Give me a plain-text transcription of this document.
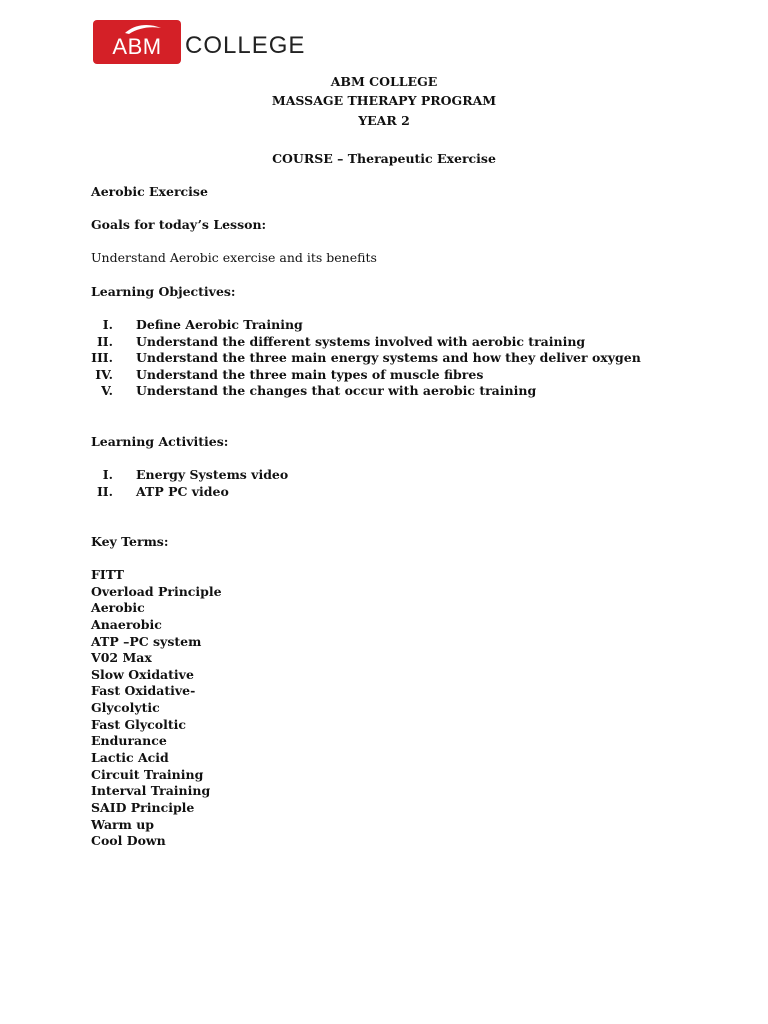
ABM COLLEGE
ABM COLLEGE
MASSAGE THERAPY PROGRAM
YEAR 2
COURSE – Therapeutic Exercise
Aerobic Exercise
Goals for today’s Lesson:
Understand Aerobic exercise and its benefits
Learning Objectives:
I. Define Aerobic Training
II. Understand the different systems involved with aerobic training
III. Understand the three main energy systems and how they deliver oxygen
IV. Understand the three main types of muscle fibres
V. Understand the changes that occur with aerobic training
Learning Activities:
I. Energy Systems video
II. ATP PC video
Key Terms:
FITT
Overload Principle
Aerobic
Anaerobic
ATP –PC system
V02 Max
Slow Oxidative
Fast Oxidative-
Glycolytic
Fast Glycoltic
Endurance
Lactic Acid
Circuit Training
Interval Training
SAID Principle
Warm up
Cool Down
